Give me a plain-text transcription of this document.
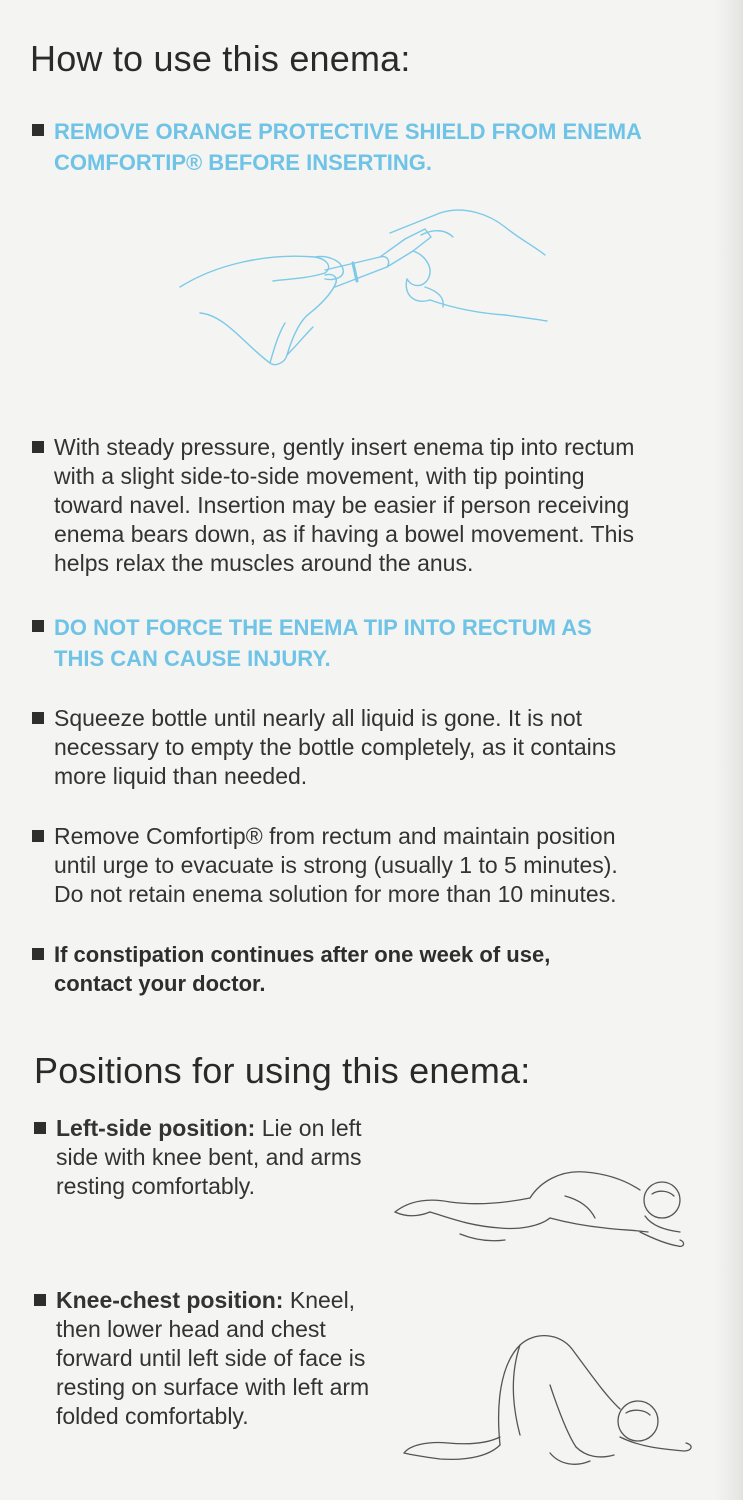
How to use this enema:
REMOVE ORANGE PROTECTIVE SHIELD FROM ENEMA
COMFORTIP® BEFORE INSERTING.
With steady pressure, gently insert enema tip into rectum
with a slight side-to-side movement, with tip pointing
toward navel. Insertion may be easier if person receiving
enema bears down, as if having a bowel movement. This
helps relax the muscles around the anus.
DO NOT FORCE THE ENEMA TIP INTO RECTUM AS
THIS CAN CAUSE INJURY.
Squeeze bottle until nearly all liquid is gone. It is not
necessary to empty the bottle completely, as it contains
more liquid than needed.
Remove Comfortip® from rectum and maintain position
until urge to evacuate is strong (usually 1 to 5 minutes).
Do not retain enema solution for more than 10 minutes.
If constipation continues after one week of use,
contact your doctor.
Positions for using this enema:
Left-side position: Lie on left
side with knee bent, and arms
resting comfortably.
Knee-chest position: Kneel,
then lower head and chest
forward until left side of face is
resting on surface with left arm
folded comfortably.
